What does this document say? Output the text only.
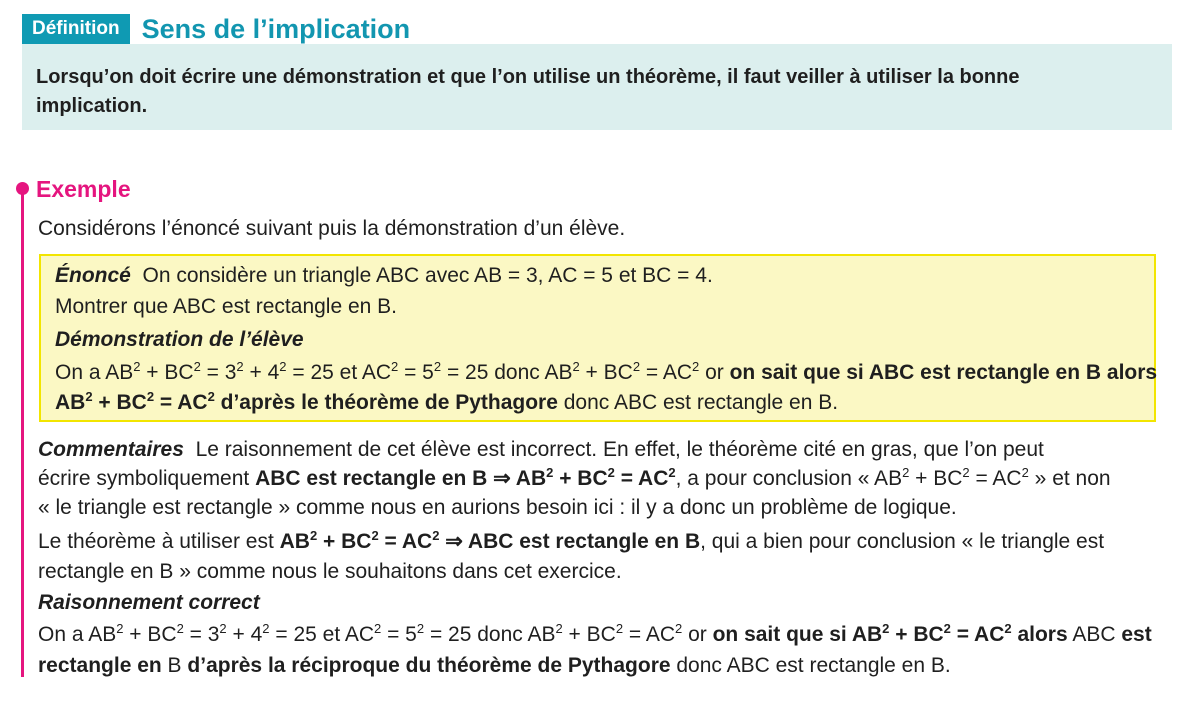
Définition Sens de l’implication
Lorsqu’on doit écrire une démonstration et que l’on utilise un théorème, il faut veiller à utiliser la bonne
implication.
Exemple
Considérons l’énoncé suivant puis la démonstration d’un élève.
Énoncé On considère un triangle ABC avec AB = 3, AC = 5 et BC = 4.
Montrer que ABC est rectangle en B.
Démonstration de l’élève
On a $AB^2 + BC^2 = 3^2 + 4^2 = 25$ et $AC^2 = 5^2 = 25$ donc $AB^2 + BC^2 = AC^2$ or on sait que si ABC est rectangle en B alors
$AB^2 + BC^2 = AC^2$ d’après le théorème de Pythagore donc ABC est rectangle en B.
Commentaires Le raisonnement de cet élève est incorrect. En effet, le théorème cité en gras, que l’on peut
écrire symboliquement ABC est rectangle en B ⇒ $AB^2 + BC^2 = AC^2$, a pour conclusion « $AB^2 + BC^2 = AC^2$ » et non
« le triangle est rectangle » comme nous en aurions besoin ici : il y a donc un problème de logique.
Le théorème à utiliser est $AB^2 + BC^2 = AC^2$ ⇒ ABC est rectangle en B, qui a bien pour conclusion « le triangle est
rectangle en B » comme nous le souhaitons dans cet exercice.
Raisonnement correct
On a $AB^2 + BC^2 = 3^2 + 4^2 = 25$ et $AC^2 = 5^2 = 25$ donc $AB^2 + BC^2 = AC^2$ or on sait que si $AB^2 + BC^2 = AC^2$ alors ABC est
rectangle en B d’après la réciproque du théorème de Pythagore donc ABC est rectangle en B.
